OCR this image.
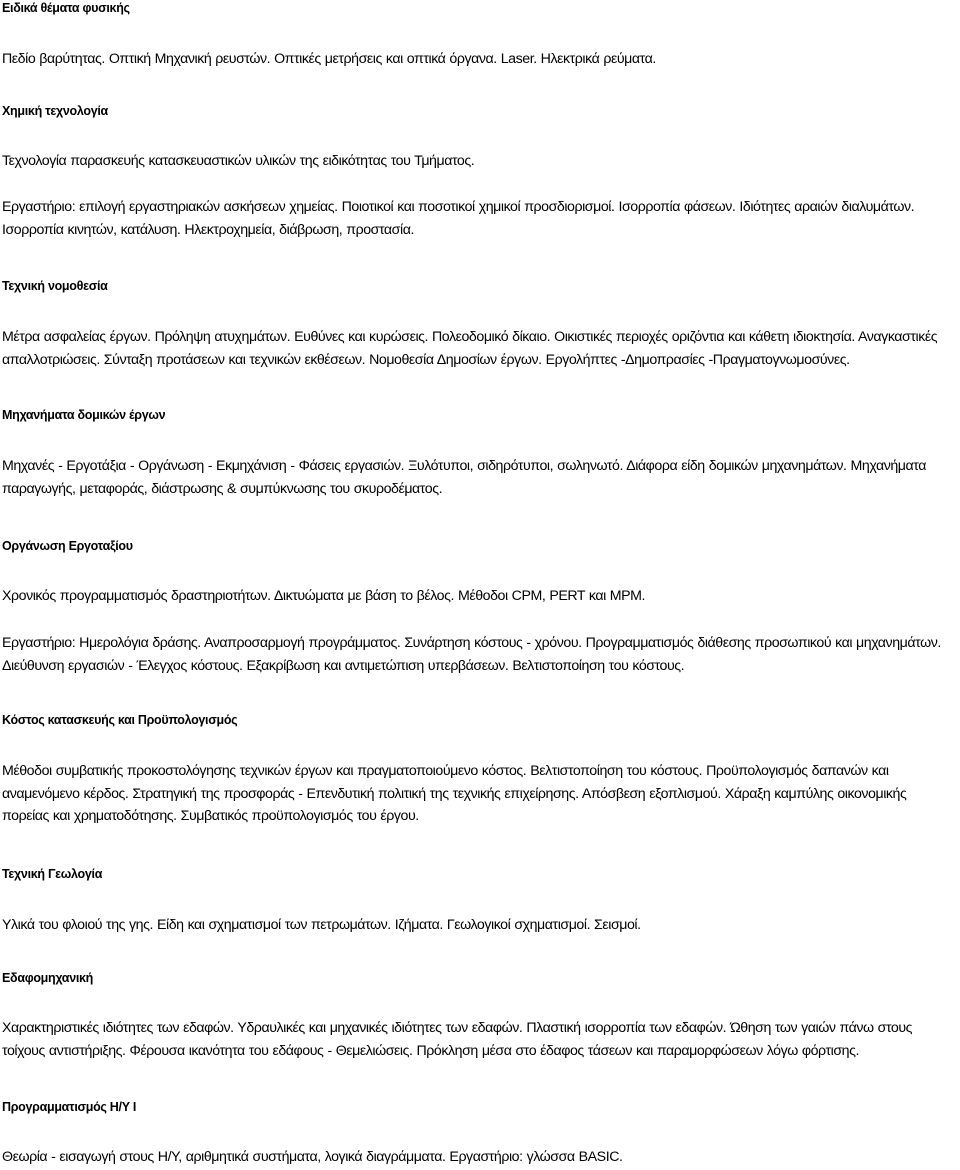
Ειδικά θέματα φυσικής
Πεδίο βαρύτητας. Οπτική Μηχανική ρευστών. Οπτικές μετρήσεις και οπτικά όργανα. Laser. Ηλεκτρικά ρεύματα.
Χημική τεχνολογία
Τεχνολογία παρασκευής κατασκευαστικών υλικών της ειδικότητας του Τμήματος.
Εργαστήριο: επιλογή εργαστηριακών ασκήσεων χημείας. Ποιοτικοί και ποσοτικοί χημικοί προσδιορισμοί. Ισορροπία φάσεων. Ιδιότητες αραιών διαλυμάτων. Ισορροπία κινητών, κατάλυση. Ηλεκτροχημεία, διάβρωση, προστασία.
Τεχνική νομοθεσία
Μέτρα ασφαλείας έργων. Πρόληψη ατυχημάτων. Ευθύνες και κυρώσεις. Πολεοδομικό δίκαιο. Οικιστικές περιοχές οριζόντια και κάθετη ιδιοκτησία. Αναγκαστικές απαλλοτριώσεις. Σύνταξη προτάσεων και τεχνικών εκθέσεων. Νομοθεσία Δημοσίων έργων. Εργολήπτες -Δημοπρασίες -Πραγματογνωμοσύνες.
Μηχανήματα δομικών έργων
Μηχανές - Εργοτάξια - Οργάνωση - Εκμηχάνιση - Φάσεις εργασιών. Ξυλότυποι, σιδηρότυποι, σωληνωτό. Διάφορα είδη δομικών μηχανημάτων. Μηχανήματα παραγωγής, μεταφοράς, διάστρωσης & συμπύκνωσης του σκυροδέματος.
Οργάνωση Εργοταξίου
Χρονικός προγραμματισμός δραστηριοτήτων. Δικτυώματα με βάση το βέλος. Μέθοδοι CPM, PERT και MPM.
Εργαστήριο: Ημερολόγια δράσης. Αναπροσαρμογή προγράμματος. Συνάρτηση κόστους - χρόνου. Προγραμματισμός διάθεσης προσωπικού και μηχανημάτων. Διεύθυνση εργασιών - Έλεγχος κόστους. Εξακρίβωση και αντιμετώπιση υπερβάσεων. Βελτιστοποίηση του κόστους.
Κόστος κατασκευής και Προϋπολογισμός
Μέθοδοι συμβατικής προκοστολόγησης τεχνικών έργων και πραγματοποιούμενο κόστος. Βελτιστοποίηση του κόστους. Προϋπολογισμός δαπανών και αναμενόμενο κέρδος. Στρατηγική της προσφοράς - Επενδυτική πολιτική της τεχνικής επιχείρησης. Απόσβεση εξοπλισμού. Χάραξη καμπύλης οικονομικής πορείας και χρηματοδότησης. Συμβατικός προϋπολογισμός του έργου.
Τεχνική Γεωλογία
Υλικά του φλοιού της γης. Είδη και σχηματισμοί των πετρωμάτων. Ιζήματα. Γεωλογικοί σχηματισμοί. Σεισμοί.
Εδαφομηχανική
Χαρακτηριστικές ιδιότητες των εδαφών. Υδραυλικές και μηχανικές ιδιότητες των εδαφών. Πλαστική ισορροπία των εδαφών. Ώθηση των γαιών πάνω στους τοίχους αντιστήριξης. Φέρουσα ικανότητα του εδάφους - Θεμελιώσεις. Πρόκληση μέσα στο έδαφος τάσεων και παραμορφώσεων λόγω φόρτισης.
Προγραμματισμός Η/Υ Ι
Θεωρία - εισαγωγή στους Η/Υ, αριθμητικά συστήματα, λογικά διαγράμματα. Εργαστήριο: γλώσσα BASIC.
